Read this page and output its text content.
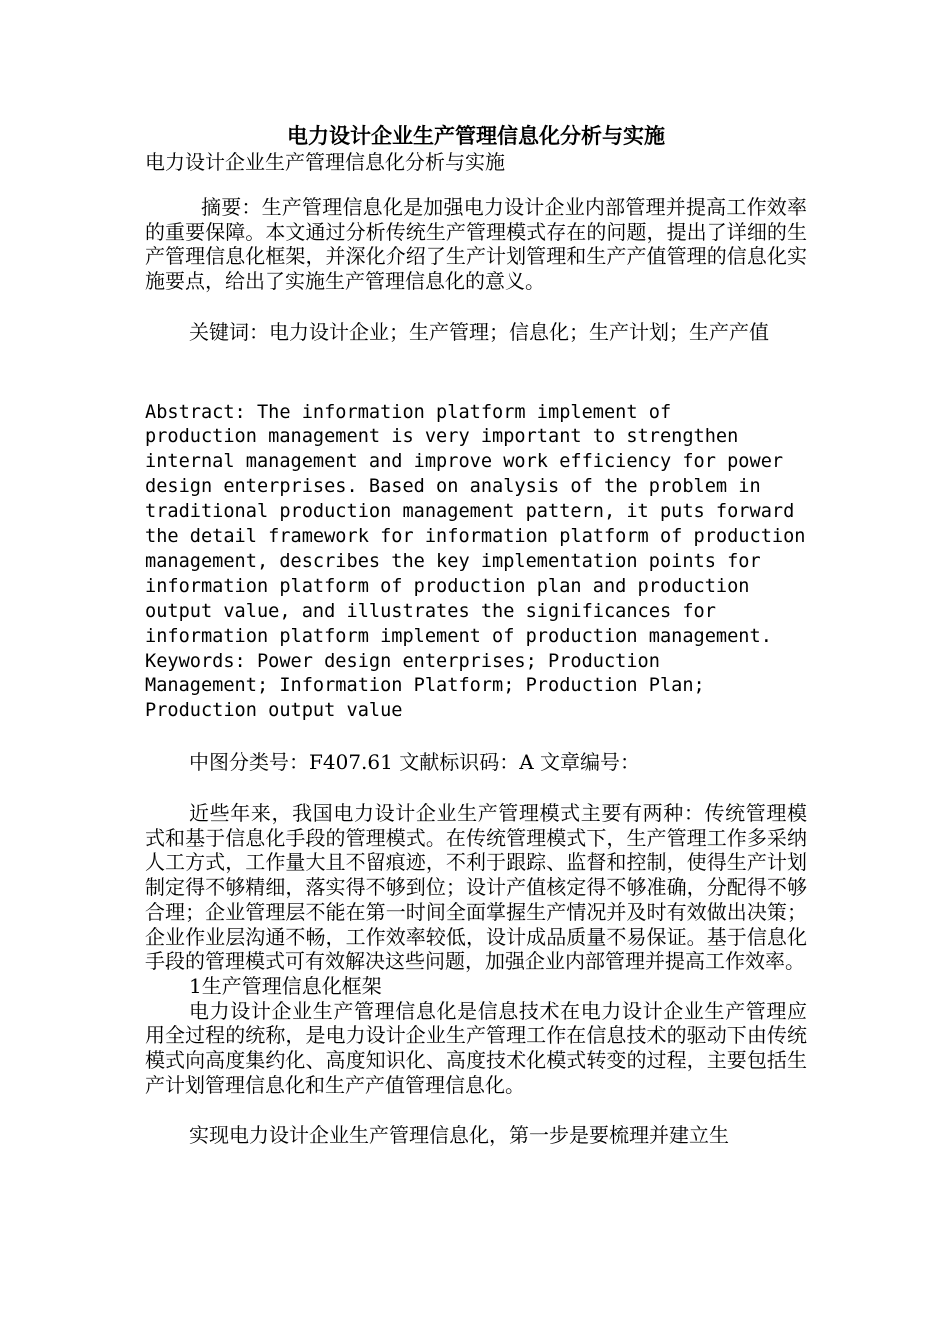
电力设计企业生产管理信息化分析与实施

电力设计企业生产管理信息化分析与实施

摘要：生产管理信息化是加强电力设计企业内部管理并提高工作效率的重要保障。本文通过分析传统生产管理模式存在的问题，提出了详细的生产管理信息化框架，并深化介绍了生产计划管理和生产产值管理的信息化实施要点，给出了实施生产管理信息化的意义。

关键词：电力设计企业；生产管理；信息化；生产计划；生产产值

Abstract: The information platform implement of
production management is very important to strengthen
internal management and improve work efficiency for power
design enterprises. Based on analysis of the problem in
traditional production management pattern, it puts forward
the detail framework for information platform of production
management, describes the key implementation points for
information platform of production plan and production
output value, and illustrates the significances for
information platform implement of production management.
Keywords: Power design enterprises; Production
Management; Information Platform; Production Plan;
Production output value

中图分类号：F407.61 文献标识码：A 文章编号：

近些年来，我国电力设计企业生产管理模式主要有两种：传统管理模式和基于信息化手段的管理模式。在传统管理模式下，生产管理工作多采纳人工方式，工作量大且不留痕迹，不利于跟踪、监督和控制，使得生产计划制定得不够精细，落实得不够到位；设计产值核定得不够准确，分配得不够合理；企业管理层不能在第一时间全面掌握生产情况并及时有效做出决策；企业作业层沟通不畅，工作效率较低，设计成品质量不易保证。基于信息化手段的管理模式可有效解决这些问题，加强企业内部管理并提高工作效率。

1生产管理信息化框架

电力设计企业生产管理信息化是信息技术在电力设计企业生产管理应用全过程的统称，是电力设计企业生产管理工作在信息技术的驱动下由传统模式向高度集约化、高度知识化、高度技术化模式转变的过程，主要包括生产计划管理信息化和生产产值管理信息化。

实现电力设计企业生产管理信息化，第一步是要梳理并建立生
